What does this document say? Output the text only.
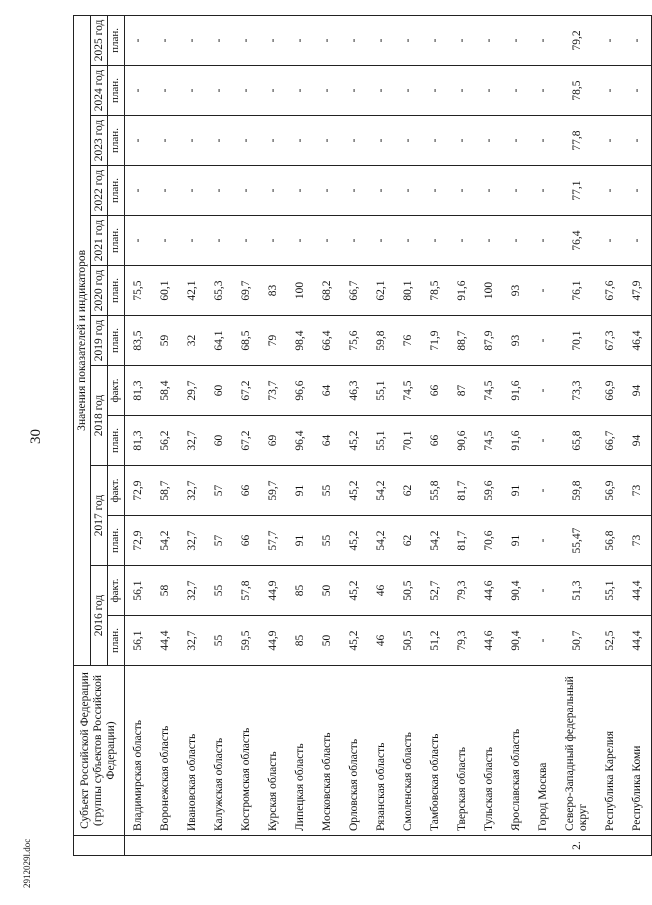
30
2912029l.doc
	Субъект Российской Федерации (группы субъектов Российской Федерации)	Значения показателей и индикаторов												
		2016 год		2017 год		2018 год		2019 год	2020 год	2021 год	2022 год	2023 год	2024 год	2025 год
		план.	факт.	план.	факт.	план.	факт.	план.	план.	план.	план.	план.	план.	план.
	Владимирская область	56,1	56,1	72,9	72,9	81,3	81,3	83,5	75,5	-	-	-	-	-
	Воронежская область	44,4	58	54,2	58,7	56,2	58,4	59	60,1	-	-	-	-	-
	Ивановская область	32,7	32,7	32,7	32,7	32,7	29,7	32	42,1	-	-	-	-	-
	Калужская область	55	55	57	57	60	60	64,1	65,3	-	-	-	-	-
	Костромская область	59,5	57,8	66	66	67,2	67,2	68,5	69,7	-	-	-	-	-
	Курская область	44,9	44,9	57,7	59,7	69	73,7	79	83	-	-	-	-	-
	Липецкая область	85	85	91	91	96,4	96,6	98,4	100	-	-	-	-	-
	Московская область	50	50	55	55	64	64	66,4	68,2	-	-	-	-	-
	Орловская область	45,2	45,2	45,2	45,2	45,2	46,3	75,6	66,7	-	-	-	-	-
	Рязанская область	46	46	54,2	54,2	55,1	55,1	59,8	62,1	-	-	-	-	-
	Смоленская область	50,5	50,5	62	62	70,1	74,5	76	80,1	-	-	-	-	-
	Тамбовская область	51,2	52,7	54,2	55,8	66	66	71,9	78,5	-	-	-	-	-
	Тверская область	79,3	79,3	81,7	81,7	90,6	87	88,7	91,6	-	-	-	-	-
	Тульская область	44,6	44,6	70,6	59,6	74,5	74,5	87,9	100	-	-	-	-	-
	Ярославская область	90,4	90,4	91	91	91,6	91,6	93	93	-	-	-	-	-
	Город Москва	-	-	-	-	-	-	-	-	-	-	-	-	-
2.	Северо-Западный федеральный округ	50,7	51,3	55,47	59,8	65,8	73,3	70,1	76,1	76,4	77,1	77,8	78,5	79,2
	Республика Карелия	52,5	55,1	56,8	56,9	66,7	66,9	67,3	67,6	-	-	-	-	-
	Республика Коми	44,4	44,4	73	73	94	94	46,4	47,9	-	-	-	-	-
